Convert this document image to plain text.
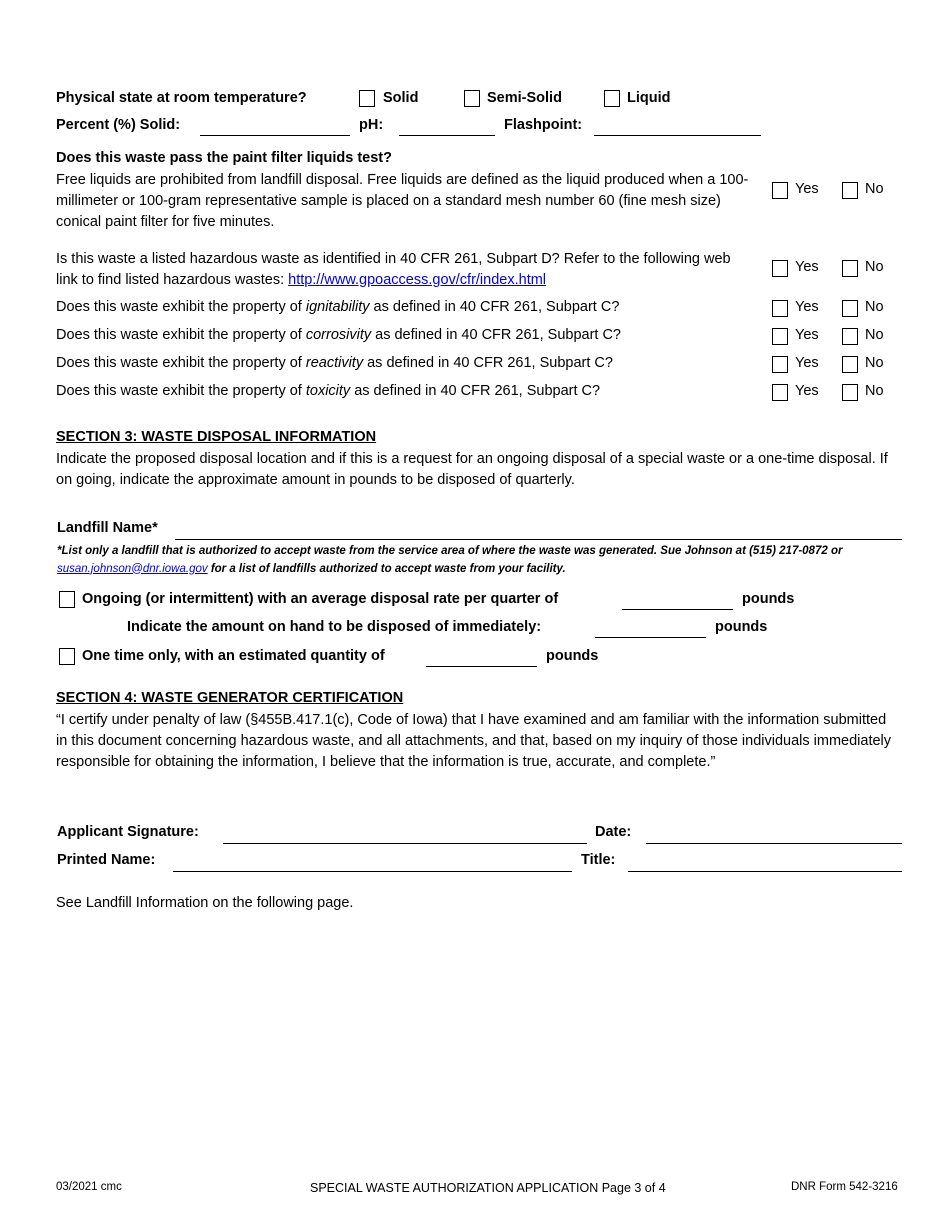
Physical state at room temperature?	Solid	Semi-Solid	Liquid
Percent (%) Solid:	pH:	Flashpoint:
Does this waste pass the paint filter liquids test?
Free liquids are prohibited from landfill disposal. Free liquids are defined as the liquid produced when a 100-millimeter or 100-gram representative sample is placed on a standard mesh number 60 (fine mesh size) conical paint filter for five minutes.
Yes	No
Is this waste a listed hazardous waste as identified in 40 CFR 261, Subpart D? Refer to the following web link to find listed hazardous wastes: http://www.gpoaccess.gov/cfr/index.html
Yes	No
Does this waste exhibit the property of ignitability as defined in 40 CFR 261, Subpart C?	Yes	No
Does this waste exhibit the property of corrosivity as defined in 40 CFR 261, Subpart C?	Yes	No
Does this waste exhibit the property of reactivity as defined in 40 CFR 261, Subpart C?	Yes	No
Does this waste exhibit the property of toxicity as defined in 40 CFR 261, Subpart C?	Yes	No
SECTION 3: WASTE DISPOSAL INFORMATION
Indicate the proposed disposal location and if this is a request for an ongoing disposal of a special waste or a one-time disposal. If on going, indicate the approximate amount in pounds to be disposed of quarterly.
Landfill Name*
*List only a landfill that is authorized to accept waste from the service area of where the waste was generated. Sue Johnson at (515) 217-0872 or susan.johnson@dnr.iowa.gov for a list of landfills authorized to accept waste from your facility.
Ongoing (or intermittent) with an average disposal rate per quarter of	pounds
Indicate the amount on hand to be disposed of immediately:	pounds
One time only, with an estimated quantity of	pounds
SECTION 4: WASTE GENERATOR CERTIFICATION
“I certify under penalty of law (§455B.417.1(c), Code of Iowa) that I have examined and am familiar with the information submitted in this document concerning hazardous waste, and all attachments, and that, based on my inquiry of those individuals immediately responsible for obtaining the information, I believe that the information is true, accurate, and complete.”
Applicant Signature:	Date:
Printed Name:	Title:
See Landfill Information on the following page.
03/2021 cmc	SPECIAL WASTE AUTHORIZATION APPLICATION Page 3 of 4	DNR Form 542-3216
